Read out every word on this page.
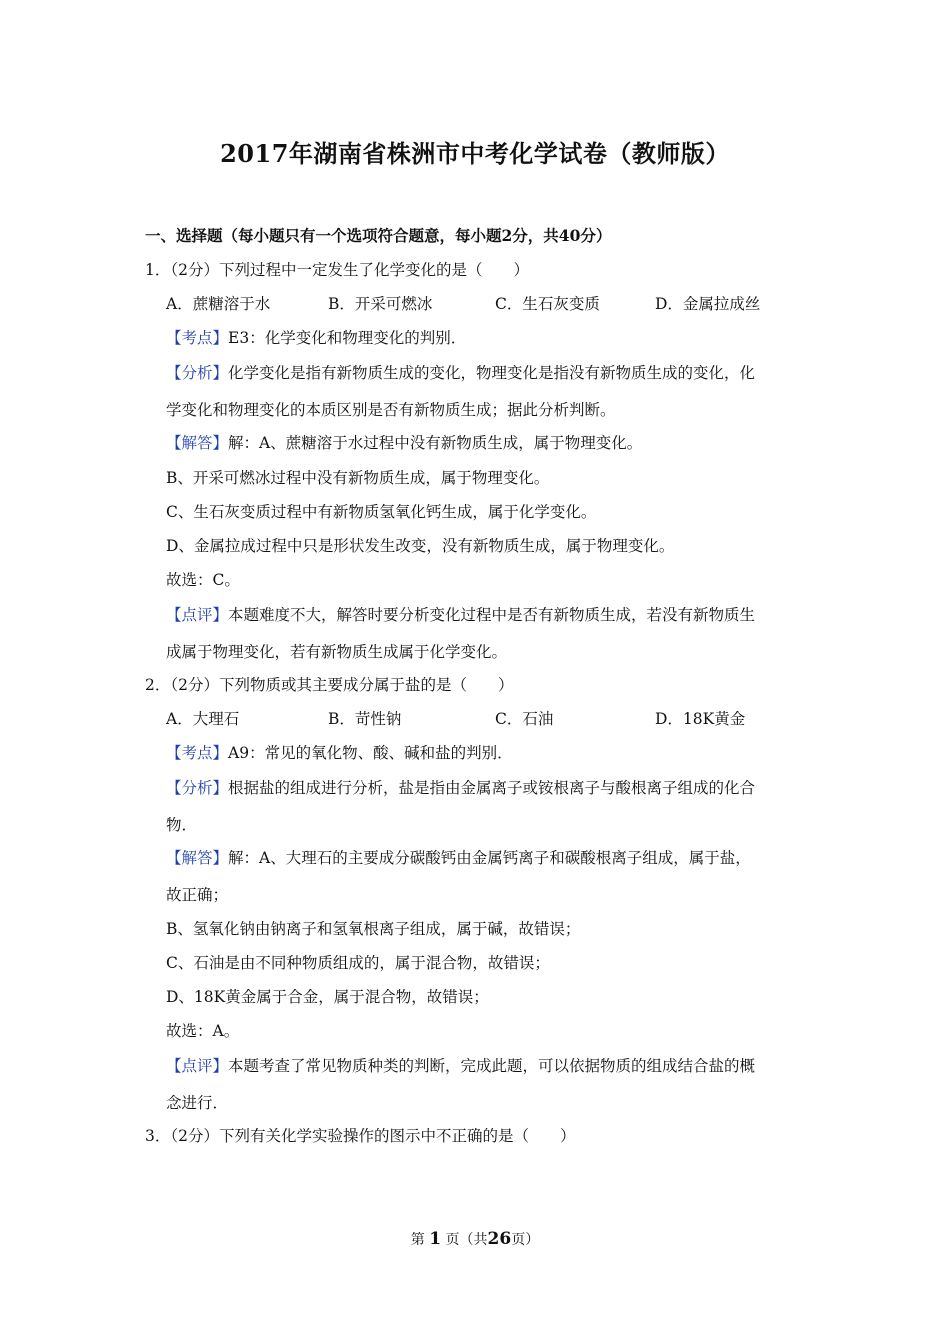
2017年湖南省株洲市中考化学试卷（教师版）
一、选择题（每小题只有一个选项符合题意，每小题2分，共40分）
1．（2分）下列过程中一定发生了化学变化的是（　　）
A．蔗糖溶于水	B．开采可燃冰	C．生石灰变质	D．金属拉成丝
【考点】E3：化学变化和物理变化的判别．
【分析】化学变化是指有新物质生成的变化，物理变化是指没有新物质生成的变化，化
学变化和物理变化的本质区别是否有新物质生成；据此分析判断。
【解答】解：A、蔗糖溶于水过程中没有新物质生成，属于物理变化。
B、开采可燃冰过程中没有新物质生成，属于物理变化。
C、生石灰变质过程中有新物质氢氧化钙生成，属于化学变化。
D、金属拉成过程中只是形状发生改变，没有新物质生成，属于物理变化。
故选：C。
【点评】本题难度不大，解答时要分析变化过程中是否有新物质生成，若没有新物质生
成属于物理变化，若有新物质生成属于化学变化。
2．（2分）下列物质或其主要成分属于盐的是（　　）
A．大理石	B．苛性钠	C．石油	D．18K黄金
【考点】A9：常见的氧化物、酸、碱和盐的判别．
【分析】根据盐的组成进行分析，盐是指由金属离子或铵根离子与酸根离子组成的化合
物．
【解答】解：A、大理石的主要成分碳酸钙由金属钙离子和碳酸根离子组成，属于盐，
故正确；
B、氢氧化钠由钠离子和氢氧根离子组成，属于碱，故错误；
C、石油是由不同种物质组成的，属于混合物，故错误；
D、18K黄金属于合金，属于混合物，故错误；
故选：A。
【点评】本题考查了常见物质种类的判断，完成此题，可以依据物质的组成结合盐的概
念进行．
3．（2分）下列有关化学实验操作的图示中不正确的是（　　）
第 1 页（共26页）
